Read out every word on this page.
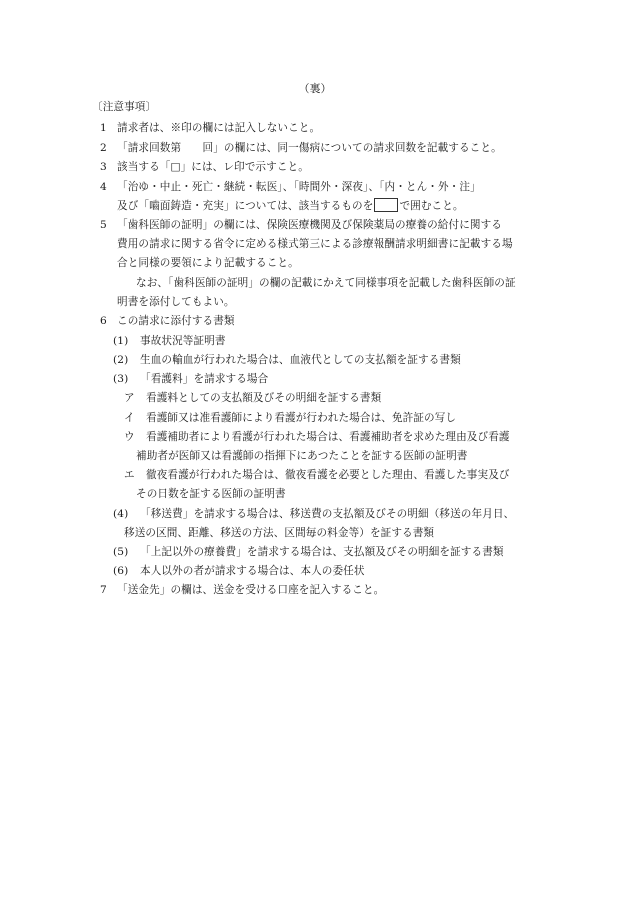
（裏）
〔注意事項〕
1 請求者は、※印の欄には記入しないこと。
2 「請求回数第　　回」の欄には、同一傷病についての請求回数を記載すること。
3 該当する「□」には、レ印で示すこと。
4 「治ゆ・中止・死亡・継続・転医」、「時間外・深夜」、「内・とん・外・注」
及び「嚙面鋳造・充実」については、該当するものを で囲むこと。
5 「歯科医師の証明」の欄には、保険医療機関及び保険薬局の療養の給付に関する
費用の請求に関する省令に定める様式第三による診療報酬請求明細書に記載する場
合と同様の要領により記載すること。
なお、「歯科医師の証明」の欄の記載にかえて同様事項を記載した歯科医師の証
明書を添付してもよい。
6 この請求に添付する書類
(1) 事故状況等証明書
(2) 生血の輸血が行われた場合は、血液代としての支払額を証する書類
(3) 「看護料」を請求する場合
ア 看護料としての支払額及びその明細を証する書類
イ 看護師又は准看護師により看護が行われた場合は、免許証の写し
ウ 看護補助者により看護が行われた場合は、看護補助者を求めた理由及び看護
補助者が医師又は看護師の指揮下にあつたことを証する医師の証明書
エ 徹夜看護が行われた場合は、徹夜看護を必要とした理由、看護した事実及び
その日数を証する医師の証明書
(4) 「移送費」を請求する場合は、移送費の支払額及びその明細（移送の年月日、
移送の区間、距離、移送の方法、区間毎の料金等）を証する書類
(5) 「上記以外の療養費」を請求する場合は、支払額及びその明細を証する書類
(6) 本人以外の者が請求する場合は、本人の委任状
7 「送金先」の欄は、送金を受ける口座を記入すること。
